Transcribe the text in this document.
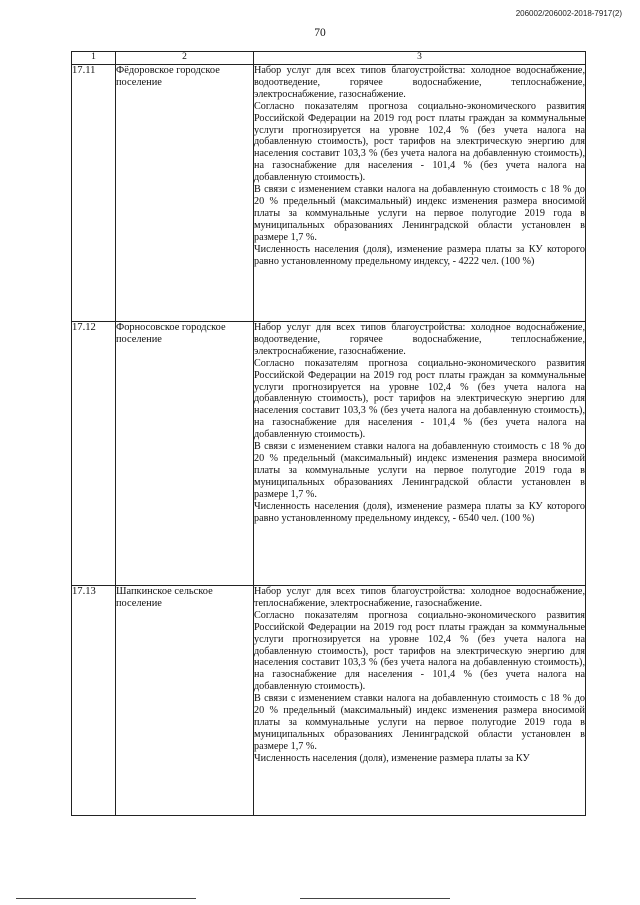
206002/206002-2018-7917(2)
70
1	2	3
17.11	Фёдоровское городское поселение	Набор услуг для всех типов благоустройства: холодное водоснабжение, водоотведение, горячее водоснабжение, теплоснабжение, электроснабжение, газоснабжение.

Согласно показателям прогноза социально-экономического развития Российской Федерации на 2019 год рост платы граждан за коммунальные услуги прогнозируется на уровне 102,4 % (без учета налога на добавленную стоимость), рост тарифов на электрическую энергию для населения составит 103,3 % (без учета налога на добавленную стоимость), на газоснабжение для населения - 101,4 % (без учета налога на добавленную стоимость).

В связи с изменением ставки налога на добавленную стоимость с 18 % до 20 % предельный (максимальный) индекс изменения размера вносимой платы за коммунальные услуги на первое полугодие 2019 года в муниципальных образованиях Ленинградской области установлен в размере 1,7 %.

Численность населения (доля), изменение размера платы за КУ которого равно установленному предельному индексу, - 4222 чел. (100 %)

17.12	Форносовское городское поселение	Набор услуг для всех типов благоустройства: холодное водоснабжение, водоотведение, горячее водоснабжение, теплоснабжение, электроснабжение, газоснабжение.

Согласно показателям прогноза социально-экономического развития Российской Федерации на 2019 год рост платы граждан за коммунальные услуги прогнозируется на уровне 102,4 % (без учета налога на добавленную стоимость), рост тарифов на электрическую энергию для населения составит 103,3 % (без учета налога на добавленную стоимость), на газоснабжение для населения - 101,4 % (без учета налога на добавленную стоимость).

В связи с изменением ставки налога на добавленную стоимость с 18 % до 20 % предельный (максимальный) индекс изменения размера вносимой платы за коммунальные услуги на первое полугодие 2019 года в муниципальных образованиях Ленинградской области установлен в размере 1,7 %.

Численность населения (доля), изменение размера платы за КУ которого равно установленному предельному индексу, - 6540 чел. (100 %)

17.13	Шапкинское сельское поселение	Набор услуг для всех типов благоустройства: холодное водоснабжение, теплоснабжение, электроснабжение, газоснабжение.

Согласно показателям прогноза социально-экономического развития Российской Федерации на 2019 год рост платы граждан за коммунальные услуги прогнозируется на уровне 102,4 % (без учета налога на добавленную стоимость), рост тарифов на электрическую энергию для населения составит 103,3 % (без учета налога на добавленную стоимость), на газоснабжение для населения - 101,4 % (без учета налога на добавленную стоимость).

В связи с изменением ставки налога на добавленную стоимость с 18 % до 20 % предельный (максимальный) индекс изменения размера вносимой платы за коммунальные услуги на первое полугодие 2019 года в муниципальных образованиях Ленинградской области установлен в размере 1,7 %.

Численность населения (доля), изменение размера платы за КУ
